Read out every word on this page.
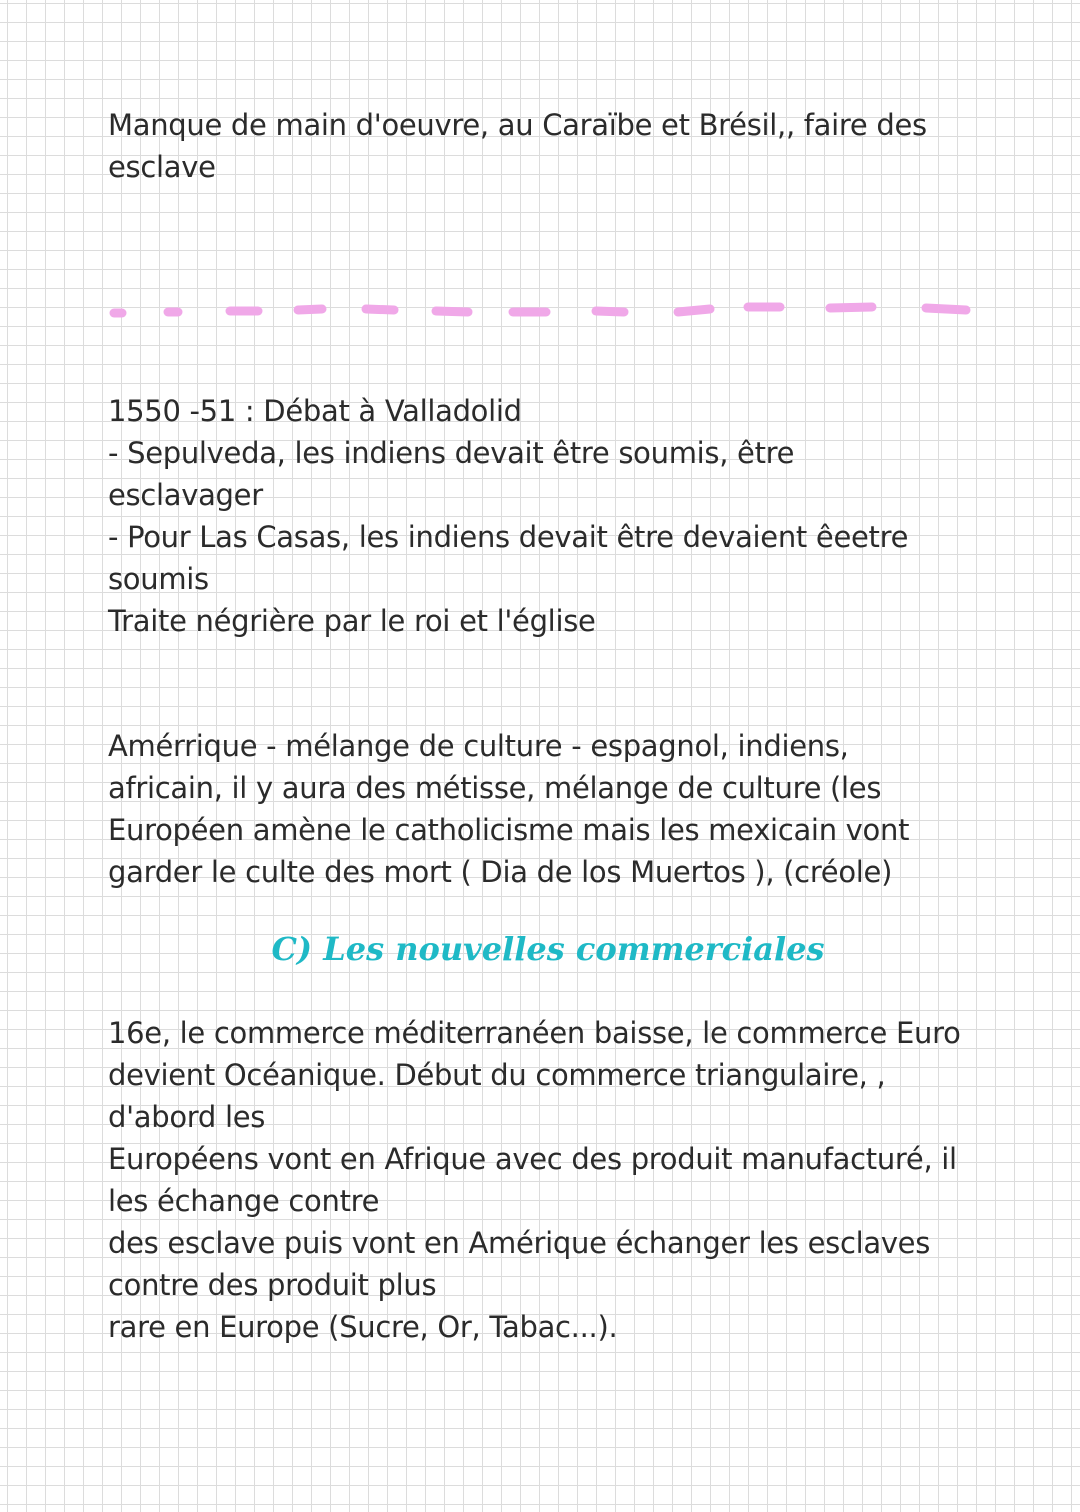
Manque de main d'oeuvre, au Caraïbe et Brésil,, faire des
esclave
1550 -51 : Débat à Valladolid
- Sepulveda, les indiens devait être soumis, être
esclavager
- Pour Las Casas, les indiens devait être devaient êeetre
soumis
Traite négrière par le roi et l'église
Amérrique - mélange de culture - espagnol, indiens,
africain, il y aura des métisse, mélange de culture (les
Européen amène le catholicisme mais les mexicain vont
garder le culte des mort ( Dia de los Muertos ), (créole)
C) Les nouvelles commerciales
16e, le commerce méditerranéen baisse, le commerce Euro
devient Océanique. Début du commerce triangulaire, ,
d'abord les
Européens vont en Afrique avec des produit manufacturé, il
les échange contre
des esclave puis vont en Amérique échanger les esclaves
contre des produit plus
rare en Europe (Sucre, Or, Tabac...).
